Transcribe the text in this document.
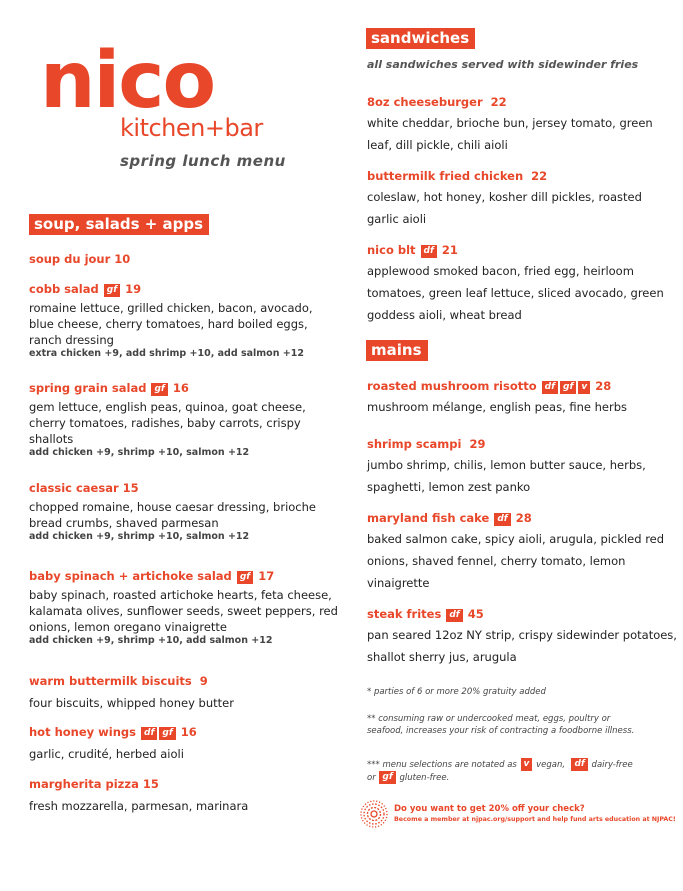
nico
kitchen+bar
spring lunch menu
soup, salads + apps
soup du jour 10
cobb salad gf 19
romaine lettuce, grilled chicken, bacon, avocado, blue cheese, cherry tomatoes, hard boiled eggs, ranch dressing
extra chicken +9, add shrimp +10, add salmon +12
spring grain salad gf 16
gem lettuce, english peas, quinoa, goat cheese, cherry tomatoes, radishes, baby carrots, crispy shallots
add chicken +9, shrimp +10, salmon +12
classic caesar 15
chopped romaine, house caesar dressing, brioche bread crumbs, shaved parmesan
add chicken +9, shrimp +10, salmon +12
baby spinach + artichoke salad gf 17
baby spinach, roasted artichoke hearts, feta cheese, kalamata olives, sunflower seeds, sweet peppers, red onions, lemon oregano vinaigrette
add chicken +9, shrimp +10, add salmon +12
warm buttermilk biscuits 9
four biscuits, whipped honey butter
hot honey wings df gf 16
garlic, crudité, herbed aioli
margherita pizza 15
fresh mozzarella, parmesan, marinara
sandwiches
all sandwiches served with sidewinder fries
8oz cheeseburger 22
white cheddar, brioche bun, jersey tomato, green leaf, dill pickle, chili aioli
buttermilk fried chicken 22
coleslaw, hot honey, kosher dill pickles, roasted garlic aioli
nico blt df 21
applewood smoked bacon, fried egg, heirloom tomatoes, green leaf lettuce, sliced avocado, green goddess aioli, wheat bread
mains
roasted mushroom risotto df gf v 28
mushroom mélange, english peas, fine herbs
shrimp scampi 29
jumbo shrimp, chilis, lemon butter sauce, herbs, spaghetti, lemon zest panko
maryland fish cake df 28
baked salmon cake, spicy aioli, arugula, pickled red onions, shaved fennel, cherry tomato, lemon vinaigrette
steak frites df 45
pan seared 12oz NY strip, crispy sidewinder potatoes, shallot sherry jus, arugula
* parties of 6 or more 20% gratuity added
** consuming raw or undercooked meat, eggs, poultry or seafood, increases your risk of contracting a foodborne illness.
*** menu selections are notated as v vegan, df dairy-free or gf gluten-free.
Do you want to get 20% off your check?
Become a member at njpac.org/support and help fund arts education at NJPAC!
